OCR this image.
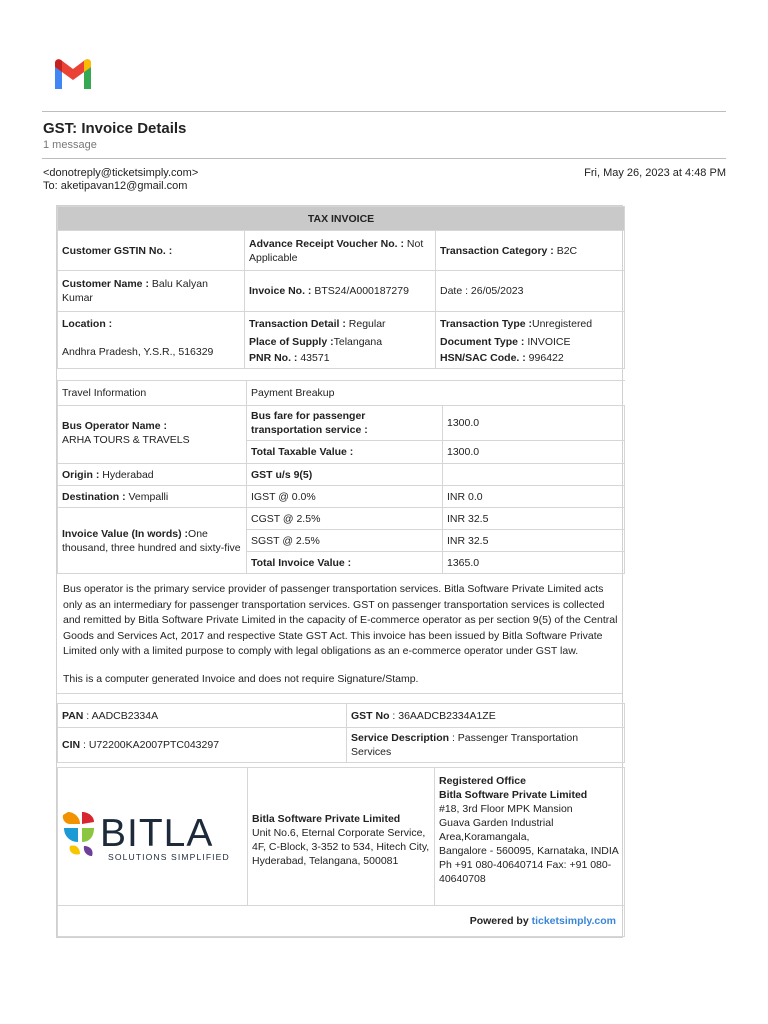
GST: Invoice Details
1 message
<donotreply@ticketsimply.com>
To: aketipavan12@gmail.com
Fri, May 26, 2023 at 4:48 PM
TAX INVOICE		
Customer GSTIN No. :	Advance Receipt Voucher No. : Not Applicable	Transaction Category : B2C
Customer Name : Balu Kalyan Kumar	Invoice No. : BTS24/A000187279	Date : 26/05/2023

Location :
Andhra Pradesh, Y.S.R., 516329	Transaction Detail : Regular	Transaction Type :Unregistered
	Place of Supply :Telangana	Document Type : INVOICE
	PNR No. : 43571	HSN/SAC Code. : 996422
Travel Information	Payment Breakup	

Bus Operator Name :
ARHA TOURS & TRAVELS	Bus fare for passenger transportation service :	1300.0
	Total Taxable Value :	1300.0
Origin : Hyderabad	GST u/s 9(5)	
Destination : Vempalli	IGST @ 0.0%	INR 0.0
Invoice Value (In words) :One thousand, three hundred and sixty-five	CGST @ 2.5%	INR 32.5
	SGST @ 2.5%	INR 32.5
	Total Invoice Value :	1365.0

Bus operator is the primary service provider of passenger transportation services. Bitla Software Private Limited acts only as an intermediary for passenger transportation services. GST on passenger transportation services is collected and remitted by Bitla Software Private Limited in the capacity of E-commerce operator as per section 9(5) of the Central Goods and Services Act, 2017 and respective State GST Act. This invoice has been issued by Bitla Software Private Limited only with a limited purpose to comply with legal obligations as an e-commerce operator under GST law.

This is a computer generated Invoice and does not require Signature/Stamp.

PAN : AADCB2334A	GST No : 36AADCB2334A1ZE
CIN : U72200KA2007PTC043297	Service Description : Passenger Transportation Services
BITLA
SOLUTIONS SIMPLIFIED

Bitla Software Private Limited
Unit No.6, Eternal Corporate Service, 4F, C-Block, 3-352 to 534, Hitech City, Hyderabad, Telangana, 500081

Registered Office
Bitla Software Private Limited
#18, 3rd Floor MPK Mansion
Guava Garden Industrial Area,Koramangala,
Bangalore - 560095, Karnataka, INDIA
Ph +91 080-40640714 Fax: +91 080-40640708

Powered by ticketsimply.com
